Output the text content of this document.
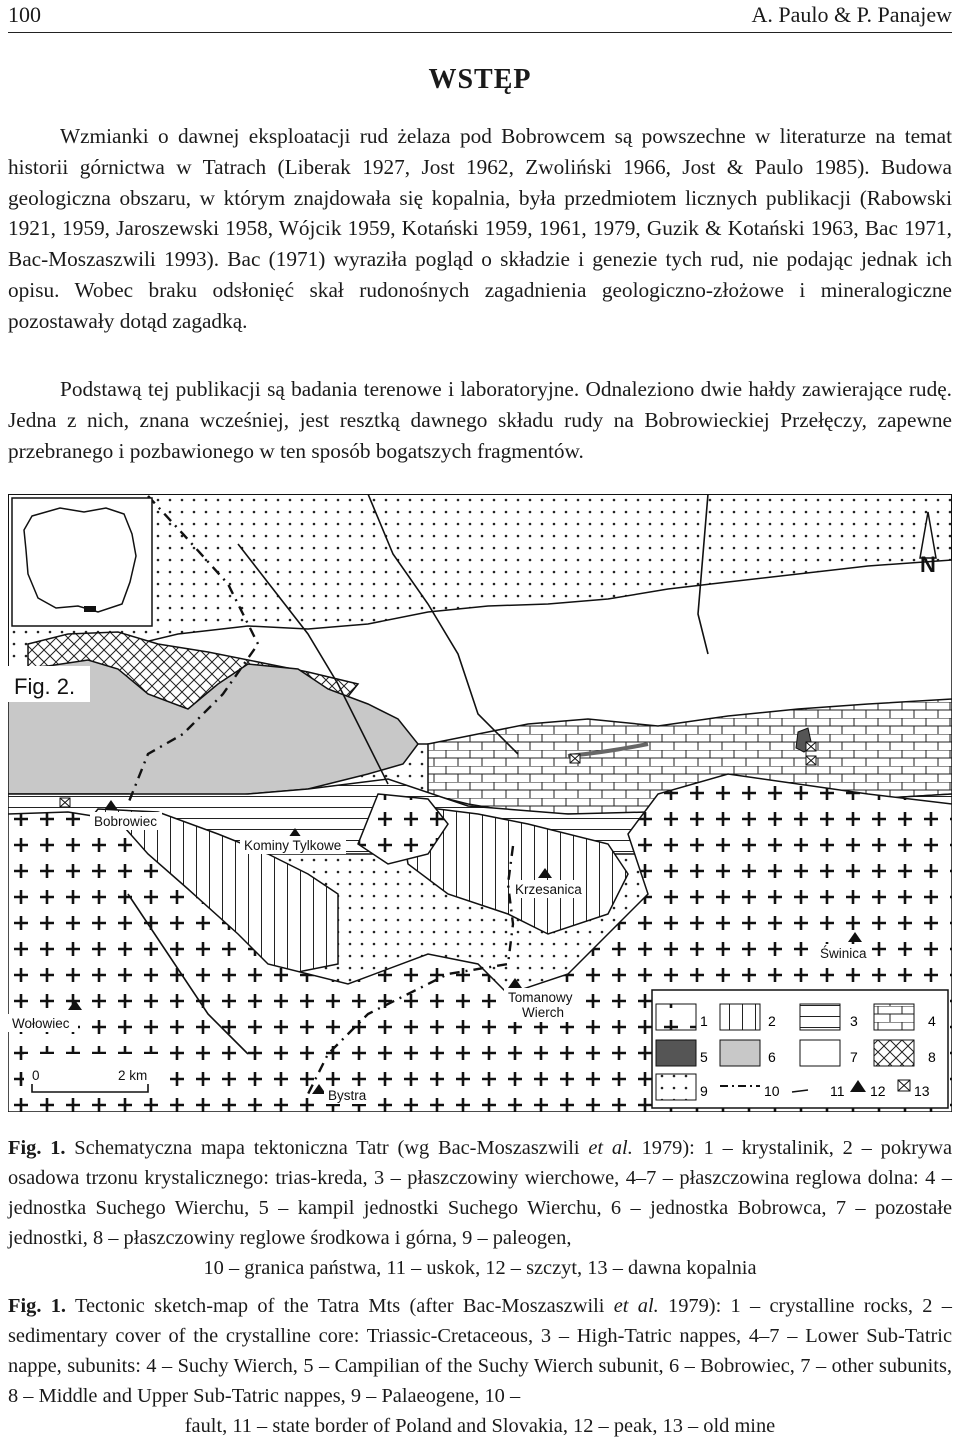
100	A. Paulo & P. Panajew
WSTĘP

Wzmianki o dawnej eksploatacji rud żelaza pod Bobrowcem są powszechne w literaturze na temat historii górnictwa w Tatrach (Liberak 1927, Jost 1962, Zwoliński 1966, Jost & Paulo 1985). Budowa geologiczna obszaru, w którym znajdowała się kopalnia, była przedmiotem licznych publikacji (Rabowski 1921, 1959, Jaroszewski 1958, Wójcik 1959, Kotański 1959, 1961, 1979, Guzik & Kotański 1963, Bac 1971, Bac-Moszaszwili 1993). Bac (1971) wyraziła pogląd o składzie i genezie tych rud, nie podając jednak ich opisu. Wobec braku odsłonięć skał rudonośnych zagadnienia geologiczno-złożowe i mineralogiczne pozostawały dotąd zagadką.

Podstawą tej publikacji są badania terenowe i laboratoryjne. Odnaleziono dwie hałdy zawierające rudę. Jedna z nich, znana wcześniej, jest resztką dawnego składu rudy na Bobrowieckiej Przełęczy, zapewne przebranego i pozbawionego w ten sposób bogatszych fragmentów.

N
Fig. 2.
Bobrowiec
Kominy Tylkowe
Krzesanica
Świnica
Tomanowy
Wierch
Wołowiec
Bystra
0	2 km
1	2	3	4
5	6	7	8
9	10	11 12 13
Fig. 1. Schematyczna mapa tektoniczna Tatr (wg Bac-Moszaszwili et al. 1979): 1 – krystalinik, 2 – pokrywa osadowa trzonu krystalicznego: trias-kreda, 3 – płaszczowiny wierchowe, 4–7 – płaszczowina reglowa dolna: 4 – jednostka Suchego Wierchu, 5 – kampil jednostki Suchego Wierchu, 6 – jednostka Bobrowca, 7 – pozostałe jednostki, 8 – płaszczowiny reglowe środkowa i górna, 9 – paleogen,
10 – granica państwa, 11 – uskok, 12 – szczyt, 13 – dawna kopalnia
Fig. 1. Tectonic sketch-map of the Tatra Mts (after Bac-Moszaszwili et al. 1979): 1 – crystalline rocks, 2 – sedimentary cover of the crystalline core: Triassic-Cretaceous, 3 – High-Tatric nappes, 4–7 – Lower Sub-Tatric nappe, subunits: 4 – Suchy Wierch, 5 – Campilian of the Suchy Wierch subunit, 6 – Bobrowiec, 7 – other subunits, 8 – Middle and Upper Sub-Tatric nappes, 9 – Palaeogene, 10 –
fault, 11 – state border of Poland and Slovakia, 12 – peak, 13 – old mine
